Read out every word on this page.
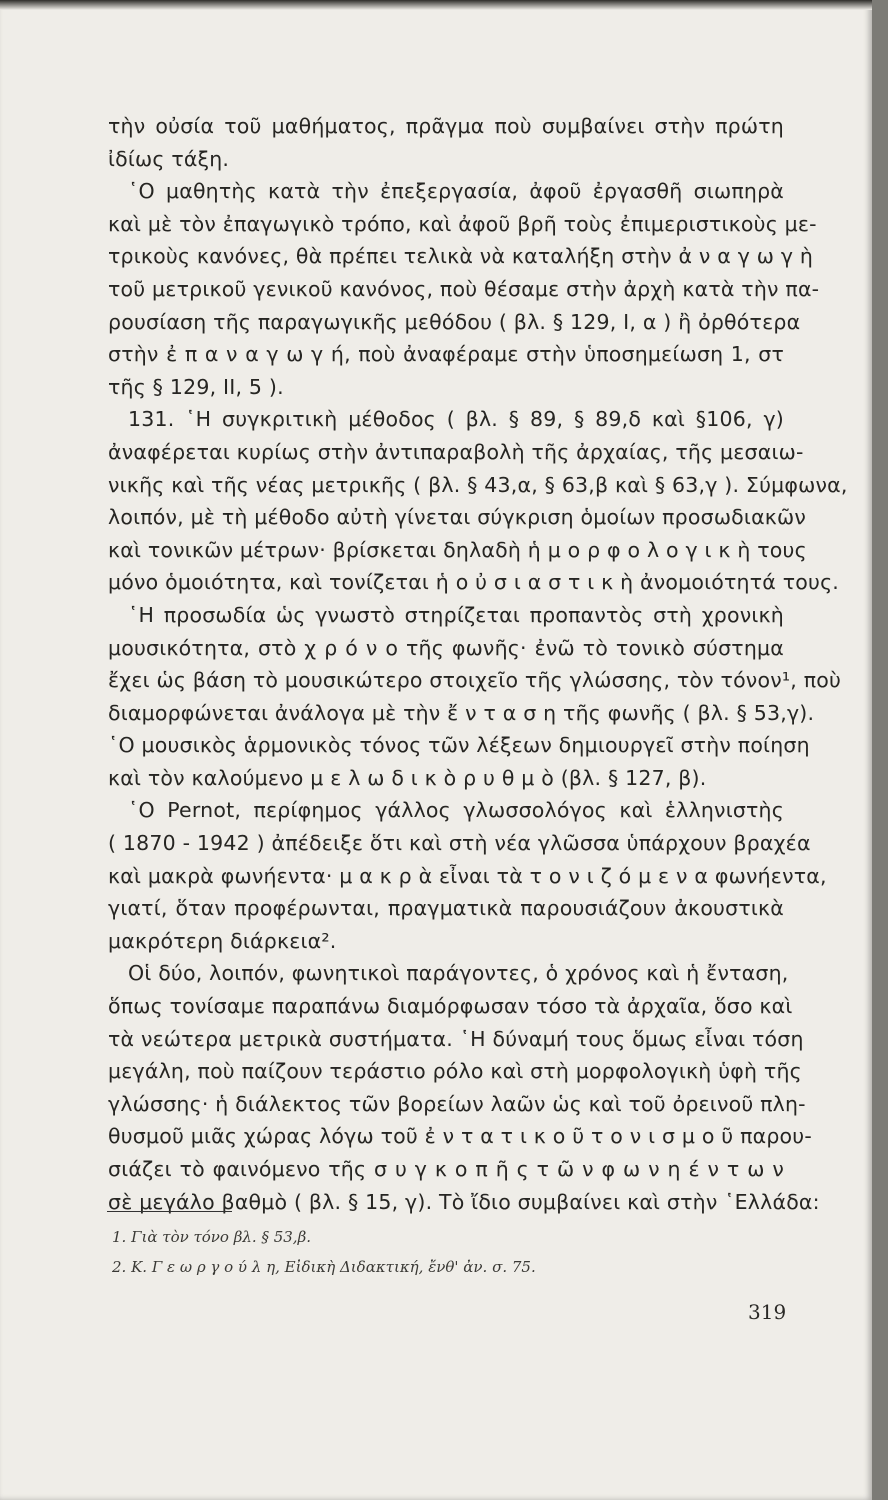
τὴν οὐσία τοῦ μαθήματος, πρᾶγμα ποὺ συμβαίνει στὴν πρώτη
ἰδίως τάξη.
῾Ο μαθητὴς κατὰ τὴν ἐπεξεργασία, ἀφοῦ ἐργασθῆ σιωπηρὰ
καὶ μὲ τὸν ἐπαγωγικὸ τρόπο, καὶ ἀφοῦ βρῆ τοὺς ἐπιμεριστικοὺς με-
τρικοὺς κανόνες, θὰ πρέπει τελικὰ νὰ καταλήξη στὴν ἀ ν α γ ω γ ὴ
τοῦ μετρικοῦ γενικοῦ κανόνος, ποὺ θέσαμε στὴν ἀρχὴ κατὰ τὴν πα-
ρουσίαση τῆς παραγωγικῆς μεθόδου ( βλ. § 129, Ι, α ) ἢ ὀρθότερα
στὴν ἐ π α ν α γ ω γ ή, ποὺ ἀναφέραμε στὴν ὑποσημείωση 1, στ
τῆς § 129, ΙΙ, 5 ).
131. ῾Η συγκριτικὴ μέθοδος ( βλ. § 89, § 89,δ καὶ §106, γ)
ἀναφέρεται κυρίως στὴν ἀντιπαραβολὴ τῆς ἀρχαίας, τῆς μεσαιω-
νικῆς καὶ τῆς νέας μετρικῆς ( βλ. § 43,α, § 63,β καὶ § 63,γ ). Σύμφωνα,
λοιπόν, μὲ τὴ μέθοδο αὐτὴ γίνεται σύγκριση ὁμοίων προσωδιακῶν
καὶ τονικῶν μέτρων· βρίσκεται δηλαδὴ ἡ μ ο ρ φ ο λ ο γ ι κ ὴ τους
μόνο ὁμοιότητα, καὶ τονίζεται ἡ ο ὐ σ ι α σ τ ι κ ὴ ἀνομοιότητά τους.
῾Η προσωδία ὡς γνωστὸ στηρίζεται προπαντὸς στὴ χρονικὴ
μουσικότητα, στὸ χ ρ ό ν ο τῆς φωνῆς· ἐνῶ τὸ τονικὸ σύστημα
ἔχει ὡς βάση τὸ μουσικώτερο στοιχεῖο τῆς γλώσσης, τὸν τόνον¹, ποὺ
διαμορφώνεται ἀνάλογα μὲ τὴν ἔ ν τ α σ η τῆς φωνῆς ( βλ. § 53,γ).
῾Ο μουσικὸς ἁρμονικὸς τόνος τῶν λέξεων δημιουργεῖ στὴν ποίηση
καὶ τὸν καλούμενο μ ε λ ω δ ι κ ὸ ρ υ θ μ ὸ (βλ. § 127, β).
῾Ο Pernot, περίφημος γάλλος γλωσσολόγος καὶ ἑλληνιστὴς
( 1870 - 1942 ) ἀπέδειξε ὅτι καὶ στὴ νέα γλῶσσα ὑπάρχουν βραχέα
καὶ μακρὰ φωνήεντα· μ α κ ρ ὰ εἶναι τὰ τ ο ν ι ζ ό μ ε ν α φωνήεντα,
γιατί, ὅταν προφέρωνται, πραγματικὰ παρουσιάζουν ἀκουστικὰ
μακρότερη διάρκεια².
Οἱ δύο, λοιπόν, φωνητικοὶ παράγοντες, ὁ χρόνος καὶ ἡ ἔνταση,
ὅπως τονίσαμε παραπάνω διαμόρφωσαν τόσο τὰ ἀρχαῖα, ὅσο καὶ
τὰ νεώτερα μετρικὰ συστήματα. ῾Η δύναμή τους ὅμως εἶναι τόση
μεγάλη, ποὺ παίζουν τεράστιο ρόλο καὶ στὴ μορφολογικὴ ὑφὴ τῆς
γλώσσης· ἡ διάλεκτος τῶν βορείων λαῶν ὡς καὶ τοῦ ὀρεινοῦ πλη-
θυσμοῦ μιᾶς χώρας λόγω τοῦ ἐ ν τ α τ ι κ ο ῦ τ ο ν ι σ μ ο ῦ παρου-
σιάζει τὸ φαινόμενο τῆς σ υ γ κ ο π ῆ ς τ ῶ ν φ ω ν η έ ν τ ω ν
σὲ μεγάλο βαθμὸ ( βλ. § 15, γ). Τὸ ἴδιο συμβαίνει καὶ στὴν ῾Ελλάδα:
1. Γιὰ τὸν τόνο βλ. § 53,β.
2. Κ. Γ ε ω ρ γ ο ύ λ η, Εἰδικὴ Διδακτική, ἔνθ' ἀν. σ. 75.
319
